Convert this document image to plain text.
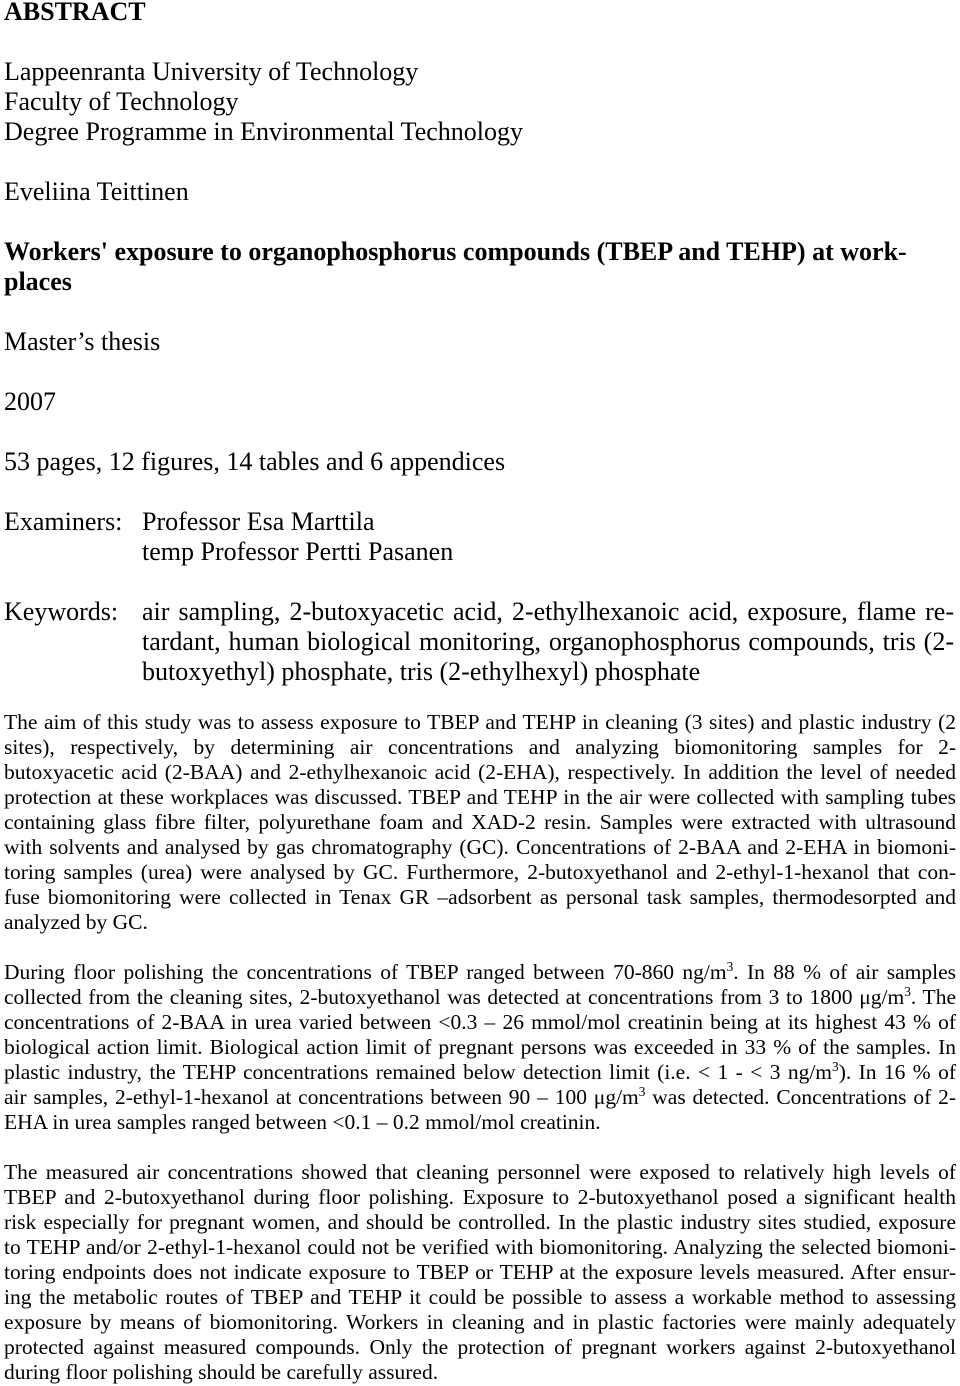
ABSTRACT
Lappeenranta University of Technology
Faculty of Technology
Degree Programme in Environmental Technology
Eveliina Teittinen
Workers' exposure to organophosphorus compounds (TBEP and TEHP) at work-
places
Master’s thesis
2007
53 pages, 12 figures, 14 tables and 6 appendices
Examiners: Professor Esa Marttila
temp Professor Pertti Pasanen
Keywords: air sampling, 2-butoxyacetic acid, 2-ethylhexanoic acid, exposure, flame re-
tardant, human biological monitoring, organophosphorus compounds, tris (2-
butoxyethyl) phosphate, tris (2-ethylhexyl) phosphate
The aim of this study was to assess exposure to TBEP and TEHP in cleaning (3 sites) and plastic industry (2
sites), respectively, by determining air concentrations and analyzing biomonitoring samples for 2-
butoxyacetic acid (2-BAA) and 2-ethylhexanoic acid (2-EHA), respectively. In addition the level of needed
protection at these workplaces was discussed. TBEP and TEHP in the air were collected with sampling tubes
containing glass fibre filter, polyurethane foam and XAD-2 resin. Samples were extracted with ultrasound
with solvents and analysed by gas chromatography (GC). Concentrations of 2-BAA and 2-EHA in biomoni-
toring samples (urea) were analysed by GC. Furthermore, 2-butoxyethanol and 2-ethyl-1-hexanol that con-
fuse biomonitoring were collected in Tenax GR –adsorbent as personal task samples, thermodesorpted and
analyzed by GC.
During floor polishing the concentrations of TBEP ranged between 70-860 $ng/m^3$. In 88 % of air samples
collected from the cleaning sites, 2-butoxyethanol was detected at concentrations from 3 to 1800 $\mu g/m^3$. The
concentrations of 2-BAA in urea varied between <0.3 – 26 mmol/mol creatinin being at its highest 43 % of
biological action limit. Biological action limit of pregnant persons was exceeded in 33 % of the samples. In
plastic industry, the TEHP concentrations remained below detection limit (i.e. < 1 - < 3 $ng/m^3$). In 16 % of
air samples, 2-ethyl-1-hexanol at concentrations between 90 – 100 $\mu g/m^3$ was detected. Concentrations of 2-
EHA in urea samples ranged between <0.1 – 0.2 mmol/mol creatinin.
The measured air concentrations showed that cleaning personnel were exposed to relatively high levels of
TBEP and 2-butoxyethanol during floor polishing. Exposure to 2-butoxyethanol posed a significant health
risk especially for pregnant women, and should be controlled. In the plastic industry sites studied, exposure
to TEHP and/or 2-ethyl-1-hexanol could not be verified with biomonitoring. Analyzing the selected biomoni-
toring endpoints does not indicate exposure to TBEP or TEHP at the exposure levels measured. After ensur-
ing the metabolic routes of TBEP and TEHP it could be possible to assess a workable method to assessing
exposure by means of biomonitoring. Workers in cleaning and in plastic factories were mainly adequately
protected against measured compounds. Only the protection of pregnant workers against 2-butoxyethanol
during floor polishing should be carefully assured.
